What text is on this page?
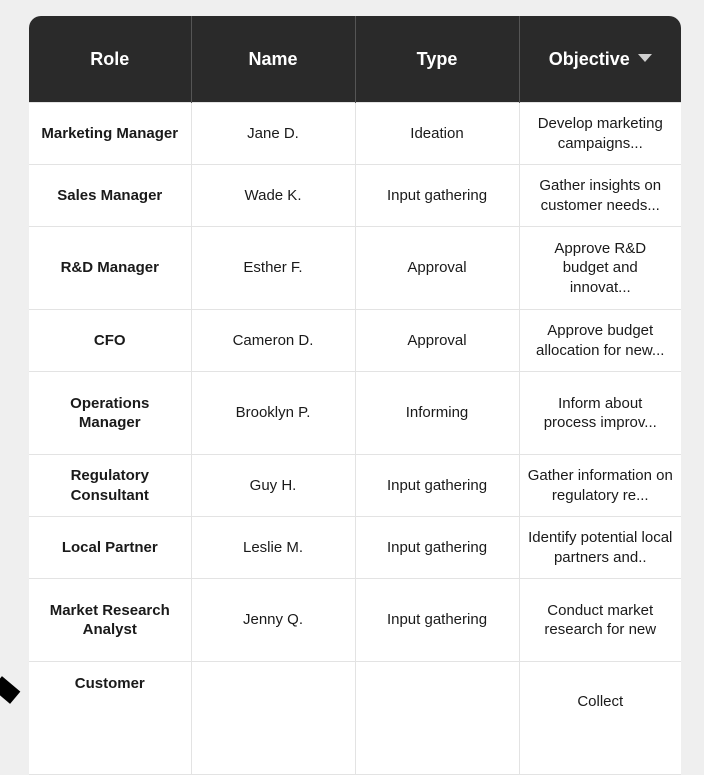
Role	Name	Type	Objective
Marketing Manager	Jane D.	Ideation	Develop marketing campaigns...
Sales Manager	Wade K.	Input gathering	Gather insights on customer needs...
R&D Manager	Esther F.	Approval	Approve R&D budget and innovat...
CFO	Cameron D.	Approval	Approve budget allocation for new...
Operations Manager	Brooklyn P.	Informing	Inform about process improv...
Regulatory Consultant	Guy H.	Input gathering	Gather information on regulatory re...
Local Partner	Leslie M.	Input gathering	Identify potential local partners and..
Market Research Analyst	Jenny Q.	Input gathering	Conduct market research for new
Customer			Collect
